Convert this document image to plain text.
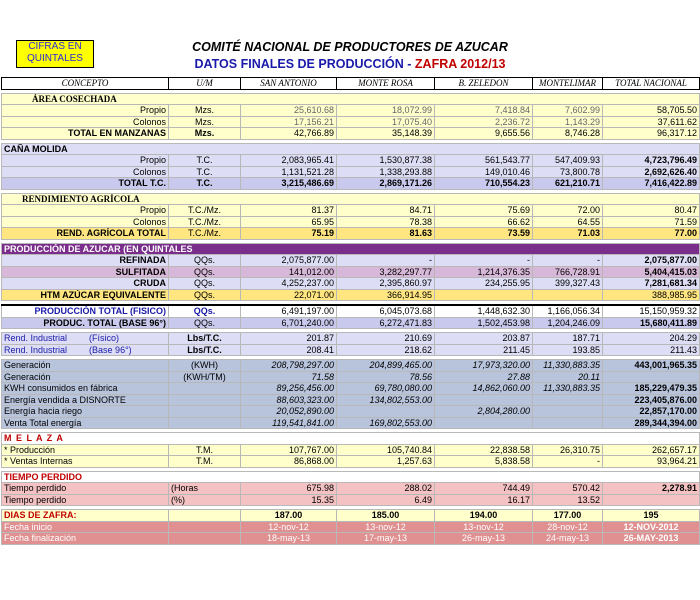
CIFRAS EN QUINTALES
COMITÉ NACIONAL DE PRODUCTORES DE AZUCAR
DATOS FINALES DE PRODUCCIÓN - ZAFRA 2012/13
CONCEPTO	U/M	SAN ANTONIO	MONTE ROSA	B. ZELEDON	MONTELIMAR	TOTAL NACIONAL

ÁREA COSECHADA						
Propio	Mzs.	25,610.68	18,072.99	7,418.84	7,602.99	58,705.50
Colonos	Mzs.	17,156.21	17,075.40	2,236.72	1,143.29	37,611.62
TOTAL EN MANZANAS	Mzs.	42,766.89	35,148.39	9,655.56	8,746.28	96,317.12

CAÑA MOLIDA						
Propio	T.C.	2,083,965.41	1,530,877.38	561,543.77	547,409.93	4,723,796.49
Colonos	T.C.	1,131,521.28	1,338,293.88	149,010.46	73,800.78	2,692,626.40
TOTAL T.C.	T.C.	3,215,486.69	2,869,171.26	710,554.23	621,210.71	7,416,422.89

RENDIMIENTO AGRÍCOLA						
Propio	T.C./Mz.	81.37	84.71	75.69	72.00	80.47
Colonos	T.C./Mz.	65.95	78.38	66.62	64.55	71.59
REND. AGRÍCOLA TOTAL	T.C./Mz.	75.19	81.63	73.59	71.03	77.00

PRODUCCIÓN DE AZUCAR (EN QUINTALES						
REFINADA	QQs.	2,075,877.00	-	-	-	2,075,877.00
SULFITADA	QQs.	141,012.00	3,282,297.77	1,214,376.35	766,728.91	5,404,415.03
CRUDA	QQs.	4,252,237.00	2,395,860.97	234,255.95	399,327.43	7,281,681.34
HTM AZÚCAR EQUIVALENTE	QQs.	22,071.00	366,914.95			388,985.95

PRODUCCIÓN TOTAL (FISICO)	QQs.	6,491,197.00	6,045,073.68	1,448,632.30	1,166,056.34	15,150,959.32
PRODUC. TOTAL (BASE 96°)	QQs.	6,701,240.00	6,272,471.83	1,502,453.98	1,204,246.09	15,680,411.89

Rend. Industrial (Físico)	Lbs/T.C.	201.87	210.69	203.87	187.71	204.29
Rend. Industrial (Base 96°)	Lbs/T.C.	208.41	218.62	211.45	193.85	211.43

Generación	(KWH)	208,798,297.00	204,899,465.00	17,973,320.00	11,330,883.35	443,001,965.35
Generación	(KWH/TM)	71.58	78.56	27.88	20.11	
KWH consumidos en fábrica		89,256,456.00	69,780,080.00	14,862,060.00	11,330,883.35	185,229,479.35
Energía vendida a DISNORTE		88,603,323.00	134,802,553.00			223,405,876.00
Energía hacia riego		20,052,890.00		2,804,280.00		22,857,170.00
Venta Total energía		119,541,841.00	169,802,553.00			289,344,394.00

M E L A Z A						
* Producción	T.M.	107,767.00	105,740.84	22,838.58	26,310.75	262,657.17
* Ventas Internas	T.M.	86,868.00	1,257.63	5,838.58	-	93,964.21

TIEMPO PERDIDO						
Tiempo perdido	(Horas	675.98	288.02	744.49	570.42	2,278.91
Tiempo perdido	(%)	15.35	6.49	16.17	13.52	

DIAS DE ZAFRA:		187.00	185.00	194.00	177.00	195
Fecha inicio		12-nov-12	13-nov-12	13-nov-12	28-nov-12	12-NOV-2012
Fecha finalización		18-may-13	17-may-13	26-may-13	24-may-13	26-MAY-2013
